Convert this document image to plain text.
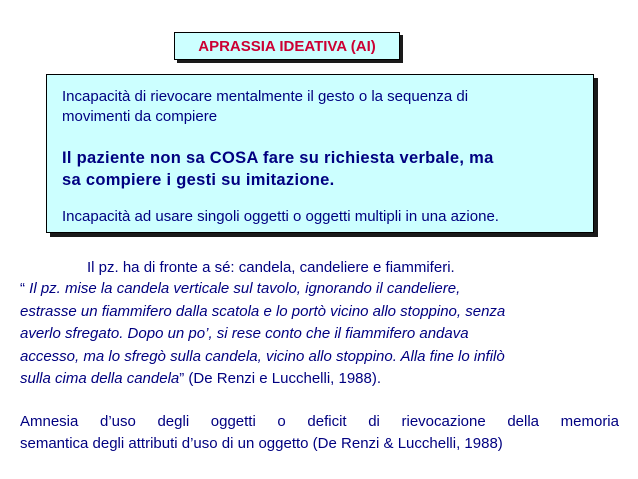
APRASSIA IDEATIVA (AI)

Incapacità di rievocare mentalmente il gesto o la sequenza di

movimenti da compiere

Il paziente non sa COSA fare su richiesta verbale, ma

sa compiere i gesti su imitazione.

Incapacità ad usare singoli oggetti o oggetti multipli in una azione.

Il pz. ha di fronte a sé: candela, candeliere e fiammiferi.

“ Il pz. mise la candela verticale sul tavolo, ignorando il candeliere,

estrasse un fiammifero dalla scatola e lo portò vicino allo stoppino, senza

averlo sfregato. Dopo un po’, si rese conto che il fiammifero andava

accesso, ma lo sfregò sulla candela, vicino allo stoppino. Alla fine lo infilò

sulla cima della candela” (De Renzi e Lucchelli, 1988).

Amnesia d’uso degli oggetti o deficit di rievocazione della memoria

semantica degli attributi d’uso di un oggetto (De Renzi & Lucchelli, 1988)
